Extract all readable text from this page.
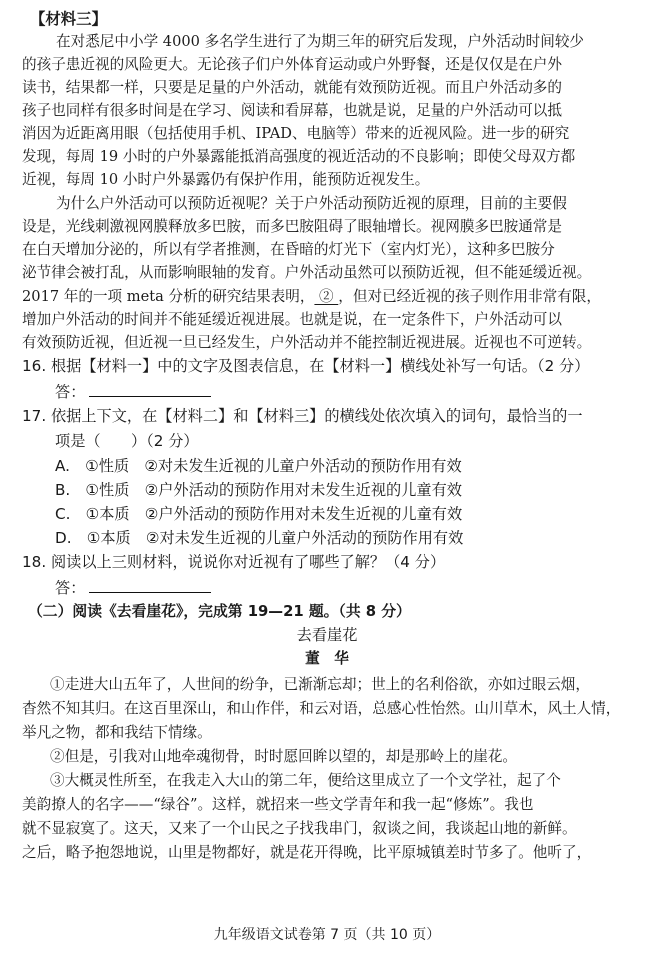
【材料三】
在对悉尼中小学 4000 多名学生进行了为期三年的研究后发现，户外活动时间较少
的孩子患近视的风险更大。无论孩子们户外体育运动或户外野餐，还是仅仅是在户外
读书，结果都一样，只要是足量的户外活动，就能有效预防近视。而且户外活动多的
孩子也同样有很多时间是在学习、阅读和看屏幕，也就是说，足量的户外活动可以抵
消因为近距离用眼（包括使用手机、IPAD、电脑等）带来的近视风险。进一步的研究
发现，每周 19 小时的户外暴露能抵消高强度的视近活动的不良影响；即使父母双方都
近视，每周 10 小时户外暴露仍有保护作用，能预防近视发生。
为什么户外活动可以预防近视呢？关于户外活动预防近视的原理，目前的主要假
设是，光线刺激视网膜释放多巴胺，而多巴胺阻碍了眼轴增长。视网膜多巴胺通常是
在白天增加分泌的，所以有学者推测，在昏暗的灯光下（室内灯光），这种多巴胺分
泌节律会被打乱，从而影响眼轴的发育。户外活动虽然可以预防近视，但不能延缓近视。
2017 年的一项 meta 分析的研究结果表明， ② ，但对已经近视的孩子则作用非常有限，
增加户外活动的时间并不能延缓近视进展。也就是说，在一定条件下，户外活动可以
有效预防近视，但近视一旦已经发生，户外活动并不能控制近视进展。近视也不可逆转。
16. 根据【材料一】中的文字及图表信息，在【材料一】横线处补写一句话。（2 分）
答：
17. 依据上下文，在【材料二】和【材料三】的横线处依次填入的词句，最恰当的一
项是（　　）（2 分）
A.　①性质　②对未发生近视的儿童户外活动的预防作用有效
B.　①性质　②户外活动的预防作用对未发生近视的儿童有效
C.　①本质　②户外活动的预防作用对未发生近视的儿童有效
D.　①本质　②对未发生近视的儿童户外活动的预防作用有效
18. 阅读以上三则材料，说说你对近视有了哪些了解？（4 分）
答：
（二）阅读《去看崖花》，完成第 19—21 题。（共 8 分）
去看崖花
董　华
①走进大山五年了，人世间的纷争，已渐渐忘却；世上的名利俗欲，亦如过眼云烟，
杳然不知其归。在这百里深山，和山作伴，和云对语，总感心性怡然。山川草木，风土人情，
举凡之物，都和我结下情缘。
②但是，引我对山地牵魂彻骨，时时愿回眸以望的，却是那岭上的崖花。
③大概灵性所至，在我走入大山的第二年，便给这里成立了一个文学社，起了个
美韵撩人的名字——“绿谷”。这样，就招来一些文学青年和我一起“修炼”。我也
就不显寂寞了。这天，又来了一个山民之子找我串门，叙谈之间，我谈起山地的新鲜。
之后，略予抱怨地说，山里是物都好，就是花开得晚，比平原城镇差时节多了。他听了，
九年级语文试卷第 7 页（共 10 页）
